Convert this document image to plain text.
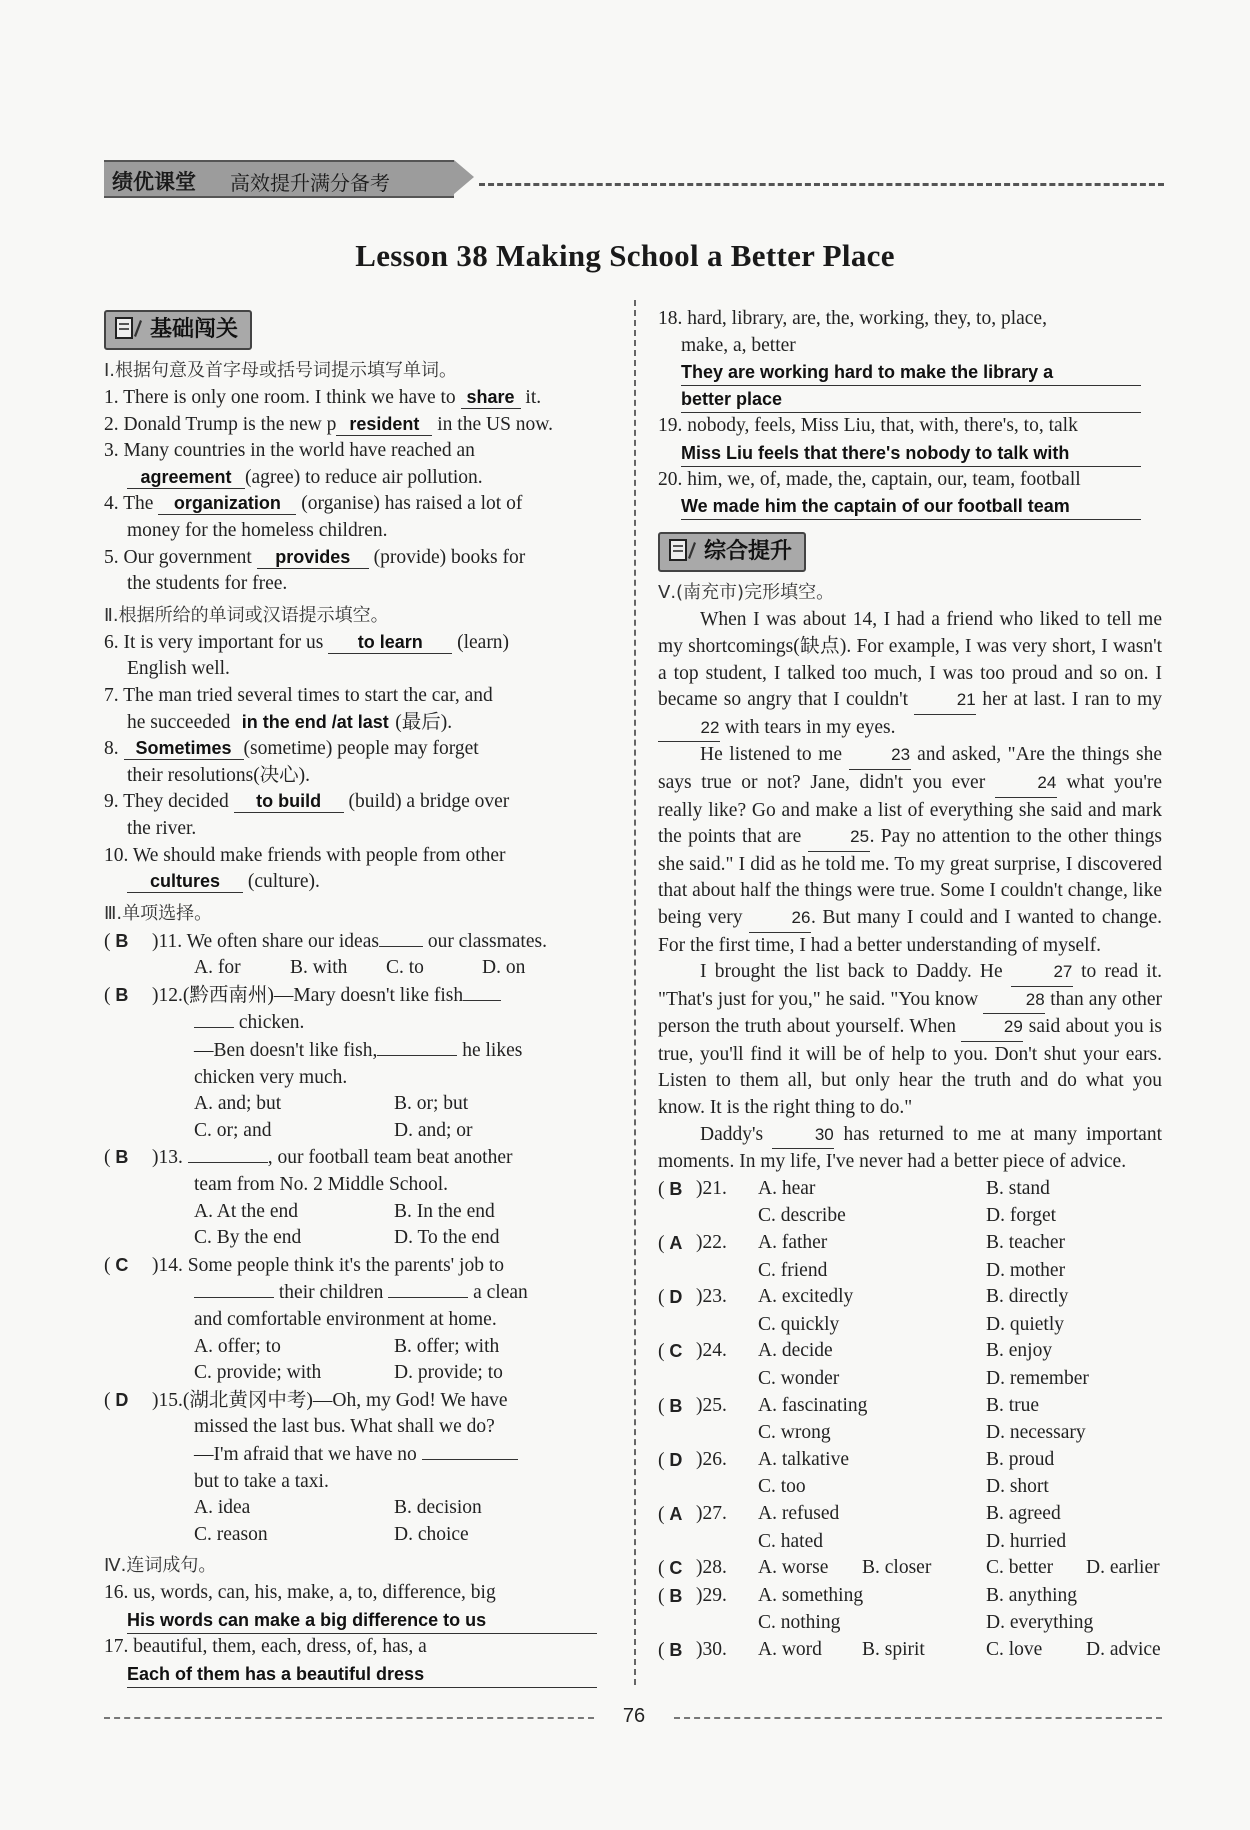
绩优课堂 高效提升满分备考
Lesson 38 Making School a Better Place
基础闯关
Ⅰ.根据句意及首字母或括号词提示填写单词。
1. There is only one room. I think we have to share it.
2. Donald Trump is the new p resident in the US now.
3. Many countries in the world have reached an
agreement (agree) to reduce air pollution.
4. The organization (organise) has raised a lot of
money for the homeless children.
5. Our government provides (provide) books for
the students for free.
Ⅱ.根据所给的单词或汉语提示填空。
6. It is very important for us to learn (learn)
English well.
7. The man tried several times to start the car, and
he succeeded in the end /at last (最后).
8. Sometimes (sometime) people may forget
their resolutions(决心).
9. They decided to build (build) a bridge over
the river.
10. We should make friends with people from other
cultures (culture).
Ⅲ.单项选择。
( B )11. We often share our ideas our classmates.
A. for	B. with	C. to	D. on
( B )12.(黔西南州)—Mary doesn't like fish
chicken.
—Ben doesn't like fish,	he likes
chicken very much.
A. and; but	B. or; but
C. or; and	D. and; or
( B )13.	, our football team beat another
team from No. 2 Middle School.
A. At the end	B. In the end
C. By the end	D. To the end
( C )14. Some people think it's the parents' job to
their children	a clean
and comfortable environment at home.
A. offer; to	B. offer; with
C. provide; with	D. provide; to
( D )15.(湖北黄冈中考)—Oh, my God! We have
missed the last bus. What shall we do?
—I'm afraid that we have no
but to take a taxi.
A. idea	B. decision
C. reason	D. choice
Ⅳ.连词成句。
16. us, words, can, his, make, a, to, difference, big
His words can make a big difference to us
17. beautiful, them, each, dress, of, has, a
Each of them has a beautiful dress
18. hard, library, are, the, working, they, to, place,
make, a, better
They are working hard to make the library a
better place
19. nobody, feels, Miss Liu, that, with, there's, to, talk
Miss Liu feels that there's nobody to talk with
20. him, we, of, made, the, captain, our, team, football
We made him the captain of our football team
综合提升
Ⅴ.(南充市)完形填空。
When I was about 14, I had a friend who liked to tell me my shortcomings(缺点). For example, I was very short, I wasn't a top student, I talked too much, I was too proud and so on. I became so angry that I couldn't	21 her at last. I ran to my 22 with tears in my eyes.
He listened to me	23 and asked, "Are the things she says true or not? Jane, didn't you ever	24 what you're really like? Go and make a list of everything she said and mark the points that are	25. Pay no attention to the other things she said." I did as he told me. To my great surprise, I discovered that about half the things were true. Some I couldn't change, like being very	26. But many I could and I wanted to change. For the first time, I had a better understanding of myself.
I brought the list back to Daddy. He	27 to read it. "That's just for you," he said. "You know	28 than any other person the truth about yourself. When	29 said about you is true, you'll find it will be of help to you. Don't shut your ears. Listen to them all, but only hear the truth and do what you know. It is the right thing to do."
Daddy's	30 has returned to me at many important moments. In my life, I've never had a better piece of advice.
( B )21.	A. hear	B. stand
C. describe	D. forget
( A )22.	A. father	B. teacher
C. friend	D. mother
( D )23.	A. excitedly	B. directly
C. quickly	D. quietly
( C )24.	A. decide	B. enjoy
C. wonder	D. remember
( B )25.	A. fascinating	B. true
C. wrong	D. necessary
( D )26.	A. talkative	B. proud
C. too	D. short
( A )27.	A. refused	B. agreed
C. hated	D. hurried
( C )28.	A. worse	B. closer	C. better	D. earlier
( B )29.	A. something	B. anything
C. nothing	D. everything
( B )30.	A. word	B. spirit	C. love	D. advice
76
